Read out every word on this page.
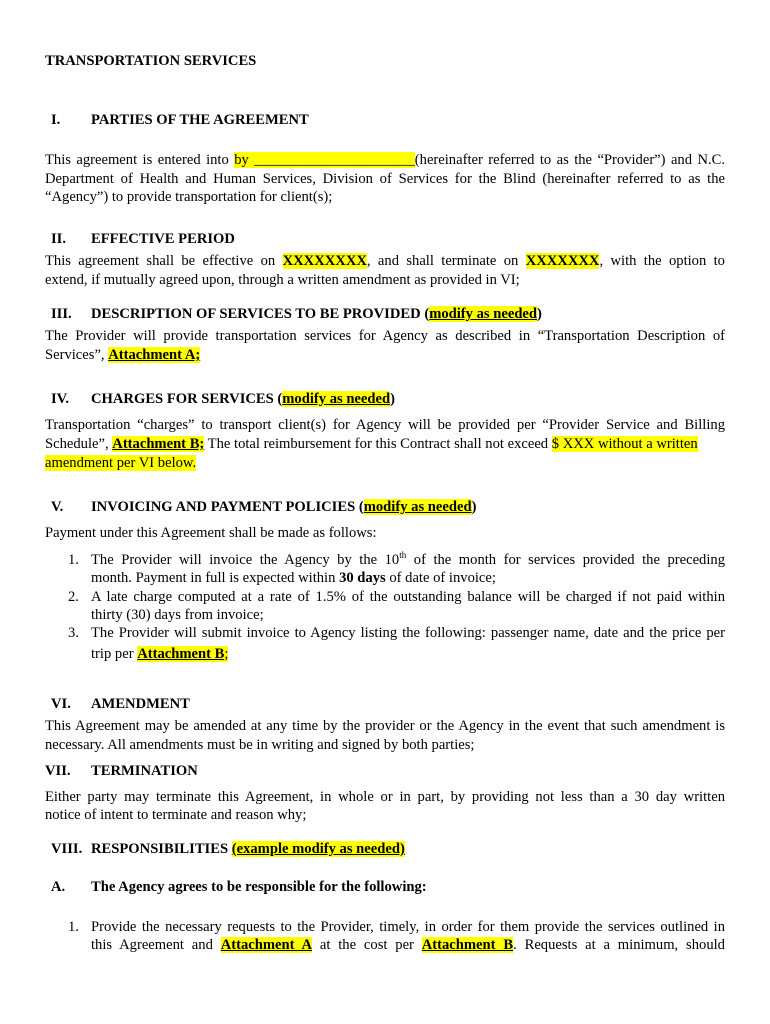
TRANSPORTATION SERVICES
I. PARTIES OF THE AGREEMENT
This agreement is entered into by ______________________(hereinafter referred to as the “Provider”) and N.C.
Department of Health and Human Services, Division of Services for the Blind (hereinafter referred to as the
“Agency”) to provide transportation for client(s);
II. EFFECTIVE PERIOD
This agreement shall be effective on XXXXXXXX, and shall terminate on XXXXXXX, with the option to
extend, if mutually agreed upon, through a written amendment as provided in VI;
III. DESCRIPTION OF SERVICES TO BE PROVIDED (modify as needed)
The Provider will provide transportation services for Agency as described in “Transportation Description of
Services”, Attachment A;
IV. CHARGES FOR SERVICES (modify as needed)
Transportation “charges” to transport client(s) for Agency will be provided per “Provider Service and Billing
Schedule”, Attachment B; The total reimbursement for this Contract shall not exceed $ XXX without a written
amendment per VI below.
V. INVOICING AND PAYMENT POLICIES (modify as needed)
Payment under this Agreement shall be made as follows:
1. The Provider will invoice the Agency by the 10th of the month for services provided the preceding
month. Payment in full is expected within 30 days of date of invoice;
2. A late charge computed at a rate of 1.5% of the outstanding balance will be charged if not paid within
thirty (30) days from invoice;
3. The Provider will submit invoice to Agency listing the following: passenger name, date and the price per
trip per Attachment B;
VI. AMENDMENT
This Agreement may be amended at any time by the provider or the Agency in the event that such amendment is
necessary. All amendments must be in writing and signed by both parties;
VII. TERMINATION
Either party may terminate this Agreement, in whole or in part, by providing not less than a 30 day written
notice of intent to terminate and reason why;
VIII. RESPONSIBILITIES (example modify as needed)
A. The Agency agrees to be responsible for the following:
1. Provide the necessary requests to the Provider, timely, in order for them provide the services outlined in
this Agreement and Attachment A at the cost per Attachment B. Requests at a minimum, should
